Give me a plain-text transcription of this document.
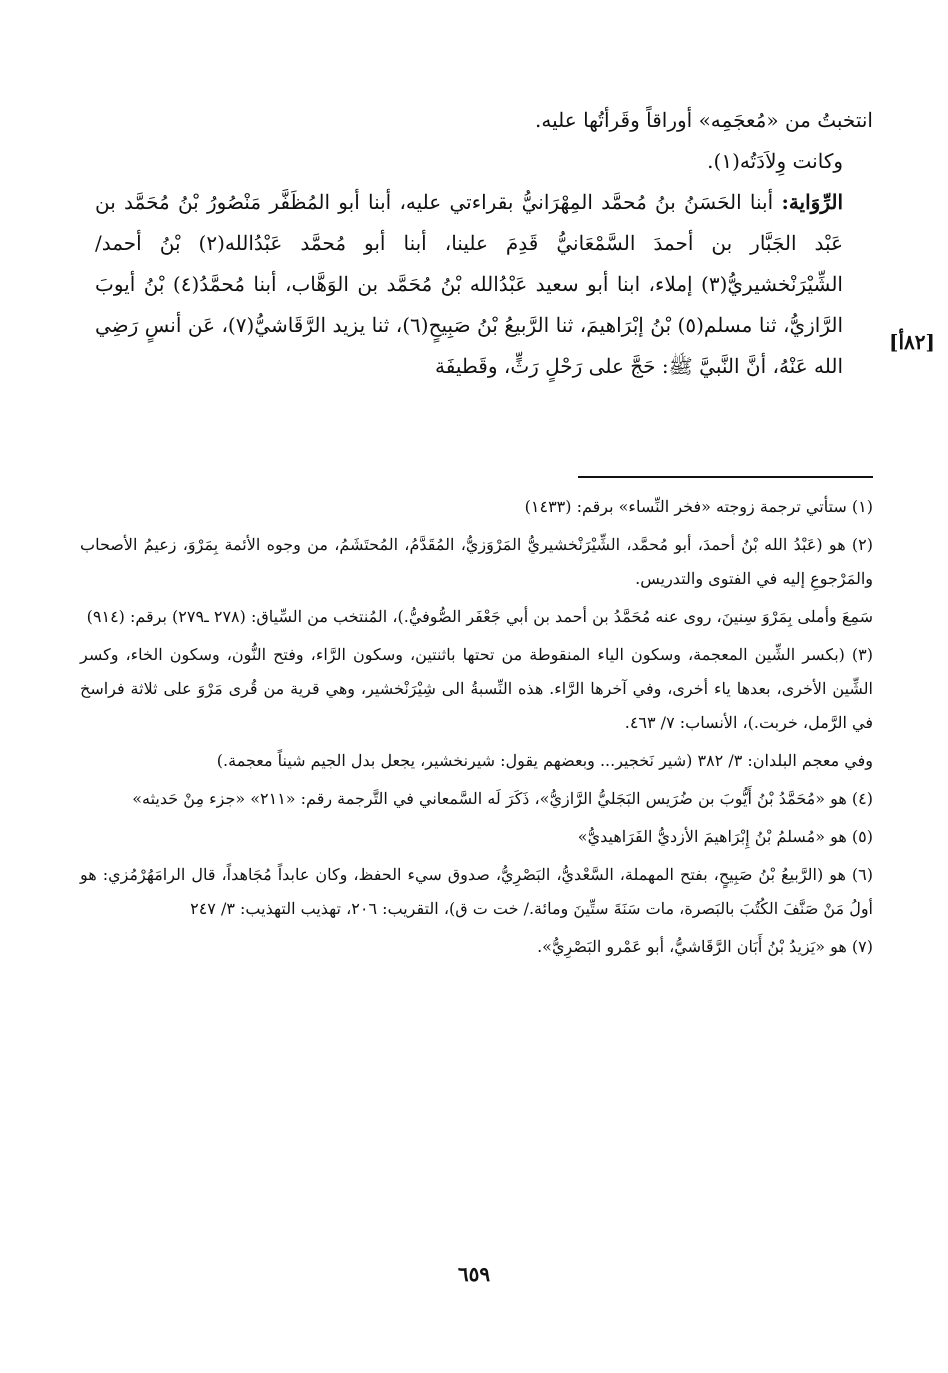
انتخبتُ من «مُعجَمِه» أوراقاً وقَرأتُها عليه.

وكانت وِلاَدَتُه(١).

الرِّوَاية: أبنا الحَسَنُ بنُ مُحمَّد المِهْرَانيُّ بقراءتي عليه، أبنا أبو المُظَفَّر مَنْصُورُ بْنُ مُحَمَّد بن عَبْد الجَبَّار بن أحمدَ السَّمْعَانيُّ قَدِمَ علينا، أبنا أبو مُحمَّد عَبْدُالله(٢) بْنُ أحمد/ الشِّيْرَنْخشيريُّ(٣) إملاء، ابنا أبو سعيد عَبْدُالله بْنُ مُحَمَّد بن الوَهَّاب، أبنا مُحمَّدُ(٤) بْنُ أيوبَ الرَّازيُّ، ثنا مسلم(٥) بْنُ إبْرَاهيمَ، ثنا الرَّبيعُ بْنُ صَبِيحٍ(٦)، ثنا يزيد الرَّقَاشيُّ(٧)، عَن أنسٍ رَضِي الله عَنْهُ، أنَّ النَّبيَّ ﷺ: حَجَّ على رَحْلٍ رَثٍّ، وقَطيفَة

[٨٢أ]

(١) ستأتي ترجمة زوجته «فخر النِّساء» برقم: (١٤٣٣)

(٢) هو (عَبْدُ الله بْنُ أحمدَ، أبو مُحمَّد، الشِّيْرَنْخشيريُّ المَرْوَزيُّ، المُقَدَّمُ، المُحتَشَمُ، من وجوه الأئمة بِمَرْوَ، زعيمُ الأصحاب والمَرْجوعِ إليه في الفتوى والتدريس.

سَمِعَ وأملى بِمَرْوَ سِنينَ، روى عنه مُحَمَّدُ بن أحمد بن أبي جَعْفَر الصُّوفيُّ.)، المُنتخب من السِّياق: (٢٧٨ ـ٢٧٩) برقم: (٩١٤)

(٣) (بكسر الشِّين المعجمة، وسكون الياء المنقوطة من تحتها باثنتين، وسكون الرَّاء، وفتح النُّون، وسكون الخاء، وكسر الشِّين الأخرى، بعدها ياء أخرى، وفي آخرها الرَّاء. هذه النِّسبةُ الى شِيْرَنْخشير، وهي قرية من قُرى مَرْوَ على ثلاثة فراسخ في الرَّمل، خربت.)، الأنساب: ٧/ ٤٦٣.

وفي معجم البلدان: ٣/ ٣٨٢ (شير نَخجير... وبعضهم يقول: شيرنخشير، يجعل بدل الجيم شيناً معجمة.)

(٤) هو «مُحَمَّدُ بْنُ أَيُّوبَ بن ضُرَيس البَجَليُّ الرَّازيُّ»، ذَكَرَ لَه السَّمعاني في التَّرجمة رقم: «٢١١» «جزء مِنْ حَديثه»

(٥) هو «مُسلمُ بْنُ إِبْرَاهيمَ الأزديُّ الفَرَاهيديُّ»

(٦) هو (الرَّبيعُ بْنُ صَبِيحٍ، بفتح المهملة، السَّعْديُّ، البَصْرِيُّ، صدوق سيء الحفظ، وكان عابداً مُجَاهداً، قال الرامَهُرْمُزي: هو أولُ مَنْ صَنَّفَ الكُتُبَ بالبَصرة، مات سَنَةَ ستِّينَ ومائة./ خت ت ق)، التقريب: ٢٠٦، تهذيب التهذيب: ٣/ ٢٤٧

(٧) هو «يَزيدُ بْنُ أَبَان الرَّقَاشيُّ، أبو عَمْرو البَصْرِيُّ».

٦٥٩
